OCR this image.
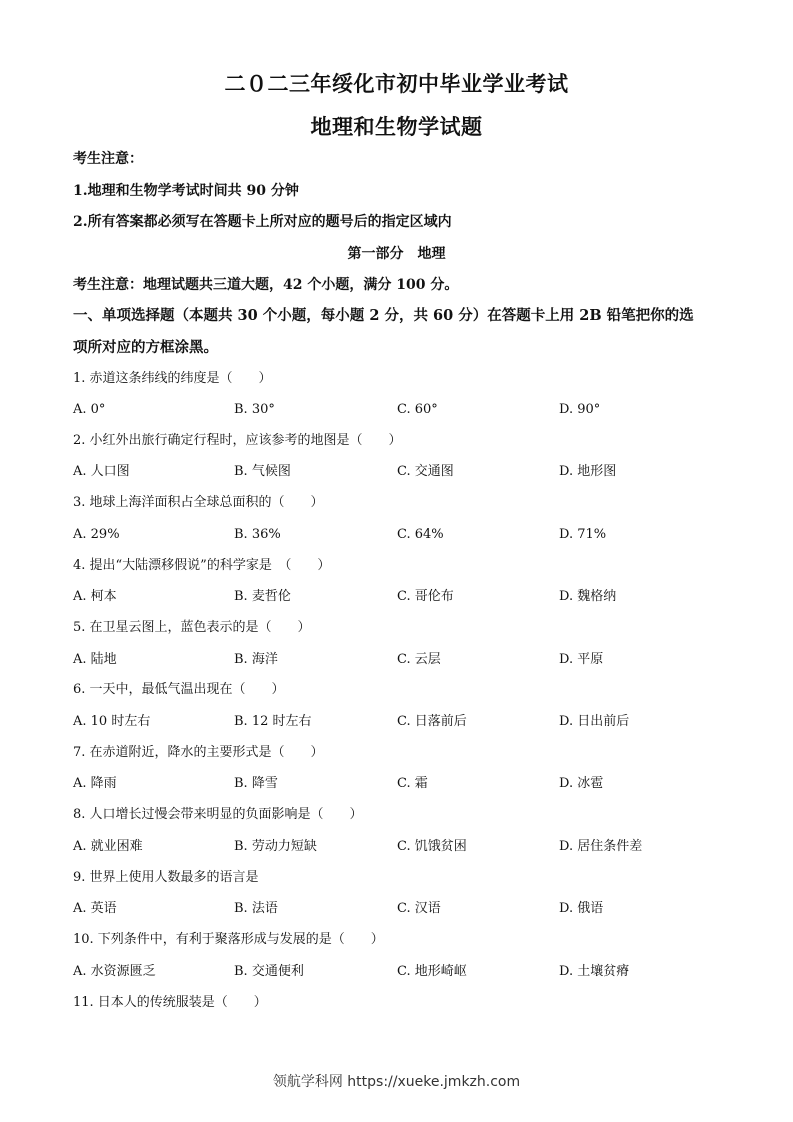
二０二三年绥化市初中毕业学业考试
地理和生物学试题
考生注意：
1.地理和生物学考试时间共 90 分钟
2.所有答案都必须写在答题卡上所对应的题号后的指定区域内
第一部分　地理
考生注意：地理试题共三道大题，42 个小题，满分 100 分。
一、单项选择题（本题共 30 个小题，每小题 2 分，共 60 分）在答题卡上用 2B 铅笔把你的选
项所对应的方框涂黑。
1. 赤道这条纬线的纬度是（　　）
A. 0°	B. 30°	C. 60°	D. 90°
2. 小红外出旅行确定行程时，应该参考的地图是（　　）
A. 人口图	B. 气候图	C. 交通图	D. 地形图
3. 地球上海洋面积占全球总面积的（　　）
A. 29%	B. 36%	C. 64%	D. 71%
4. 提出“大陆漂移假说”的科学家是　（　　）
A. 柯本	B. 麦哲伦	C. 哥伦布	D. 魏格纳
5. 在卫星云图上，蓝色表示的是（　　）
A. 陆地	B. 海洋	C. 云层	D. 平原
6. 一天中，最低气温出现在（　　）
A. 10 时左右	B. 12 时左右	C. 日落前后	D. 日出前后
7. 在赤道附近，降水的主要形式是（　　）
A. 降雨	B. 降雪	C. 霜	D. 冰雹
8. 人口增长过慢会带来明显的负面影响是（　　）
A. 就业困难	B. 劳动力短缺	C. 饥饿贫困	D. 居住条件差
9. 世界上使用人数最多的语言是
A. 英语	B. 法语	C. 汉语	D. 俄语
10. 下列条件中，有利于聚落形成与发展的是（　　）
A. 水资源匮乏	B. 交通便利	C. 地形崎岖	D. 土壤贫瘠
11. 日本人的传统服装是（　　）
领航学科网 https://xueke.jmkzh.com
